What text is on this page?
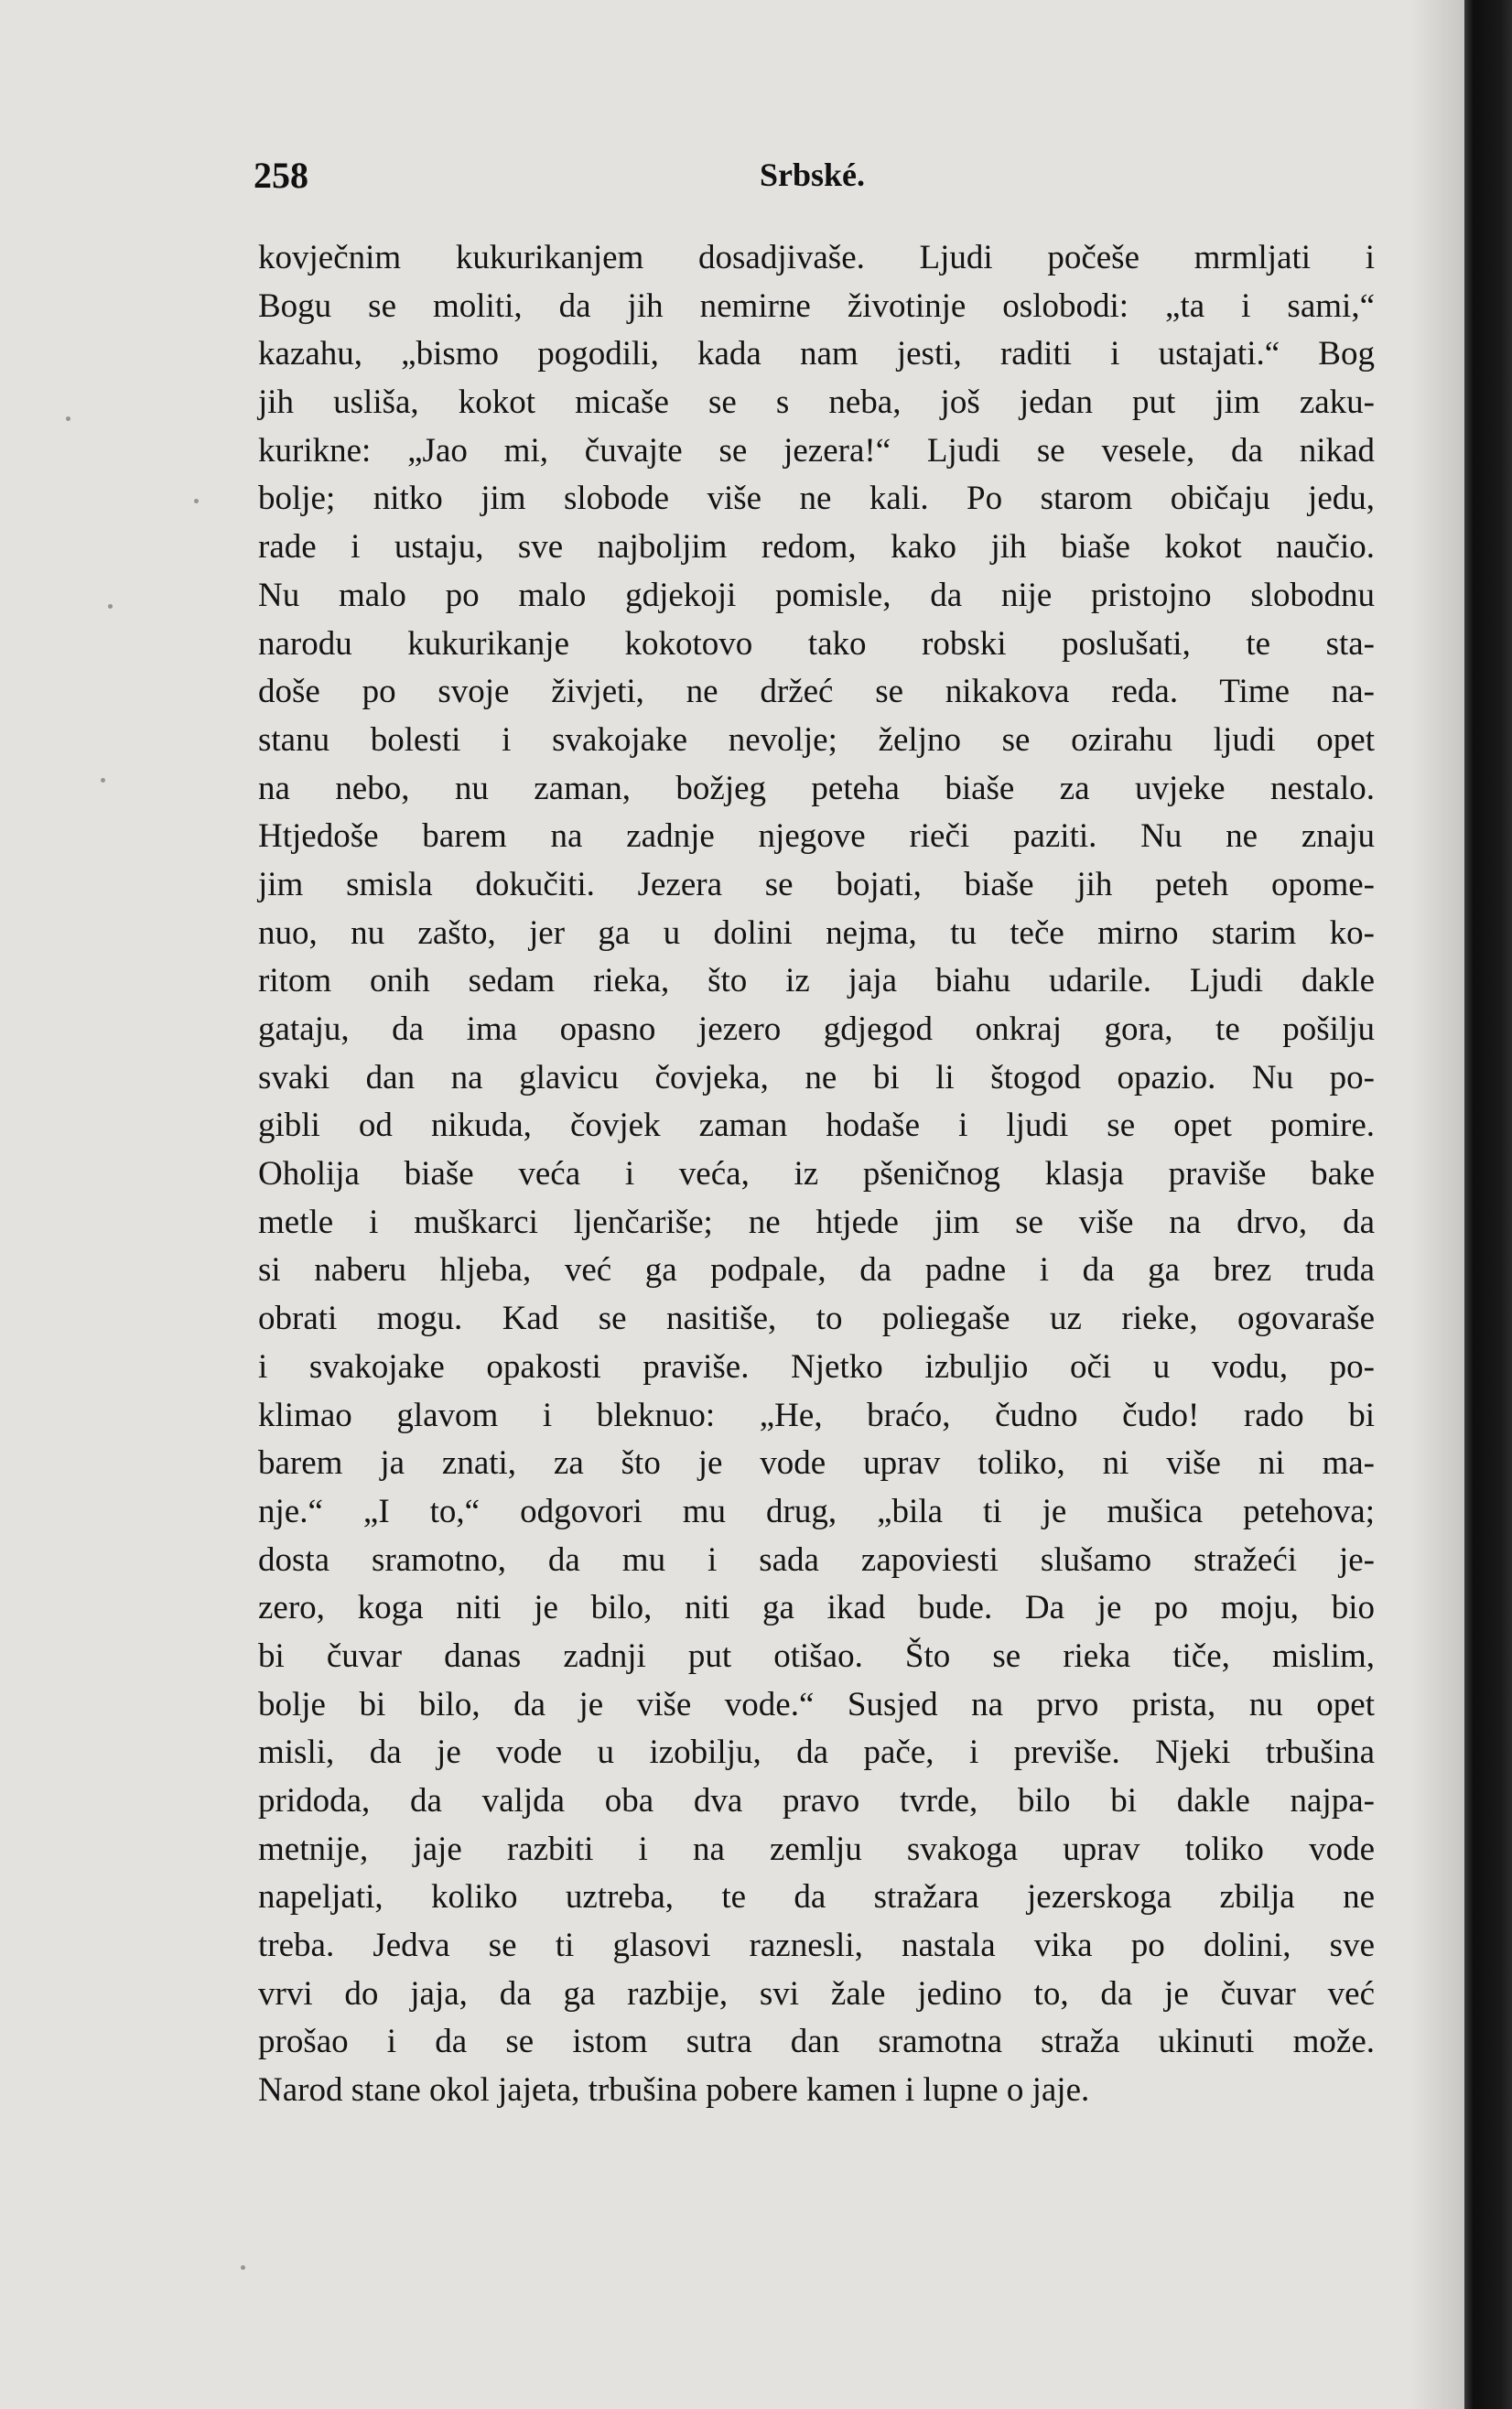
258	Srbské.
kovječnim kukurikanjem dosadjivaše. Ljudi počeše mrmljati i
Bogu se moliti, da jih nemirne životinje oslobodi: „ta i sami,“
kazahu, „bismo pogodili, kada nam jesti, raditi i ustajati.“ Bog
jih usliša, kokot micaše se s neba, još jedan put jim zaku-
kurikne: „Jao mi, čuvajte se jezera!“ Ljudi se vesele, da nikad
bolje; nitko jim slobode više ne kali. Po starom običaju jedu,
rade i ustaju, sve najboljim redom, kako jih biaše kokot naučio.
Nu malo po malo gdjekoji pomisle, da nije pristojno slobodnu
narodu kukurikanje kokotovo tako robski poslušati, te sta-
doše po svoje živjeti, ne držeć se nikakova reda. Time na-
stanu bolesti i svakojake nevolje; željno se ozirahu ljudi opet
na nebo, nu zaman, božjeg peteha biaše za uvjeke nestalo.
Htjedoše barem na zadnje njegove rieči paziti. Nu ne znaju
jim smisla dokučiti. Jezera se bojati, biaše jih peteh opome-
nuo, nu zašto, jer ga u dolini nejma, tu teče mirno starim ko-
ritom onih sedam rieka, što iz jaja biahu udarile. Ljudi dakle
gataju, da ima opasno jezero gdjegod onkraj gora, te pošilju
svaki dan na glavicu čovjeka, ne bi li štogod opazio. Nu po-
gibli od nikuda, čovjek zaman hodaše i ljudi se opet pomire.
Oholija biaše veća i veća, iz pšeničnog klasja praviše bake
metle i muškarci ljenčariše; ne htjede jim se više na drvo, da
si naberu hljeba, već ga podpale, da padne i da ga brez truda
obrati mogu. Kad se nasitiše, to poliegaše uz rieke, ogovaraše
i svakojake opakosti praviše. Njetko izbuljio oči u vodu, po-
klimao glavom i bleknuo: „He, braćo, čudno čudo! rado bi
barem ja znati, za što je vode uprav toliko, ni više ni ma-
nje.“ „I to,“ odgovori mu drug, „bila ti je mušica petehova;
dosta sramotno, da mu i sada zapoviesti slušamo stražeći je-
zero, koga niti je bilo, niti ga ikad bude. Da je po moju, bio
bi čuvar danas zadnji put otišao. Što se rieka tiče, mislim,
bolje bi bilo, da je više vode.“ Susjed na prvo prista, nu opet
misli, da je vode u izobilju, da pače, i previše. Njeki trbušina
pridoda, da valjda oba dva pravo tvrde, bilo bi dakle najpa-
metnije, jaje razbiti i na zemlju svakoga uprav toliko vode
napeljati, koliko uztreba, te da stražara jezerskoga zbilja ne
treba. Jedva se ti glasovi raznesli, nastala vika po dolini, sve
vrvi do jaja, da ga razbije, svi žale jedino to, da je čuvar već
prošao i da se istom sutra dan sramotna straža ukinuti može.
Narod stane okol jajeta, trbušina pobere kamen i lupne o jaje.
